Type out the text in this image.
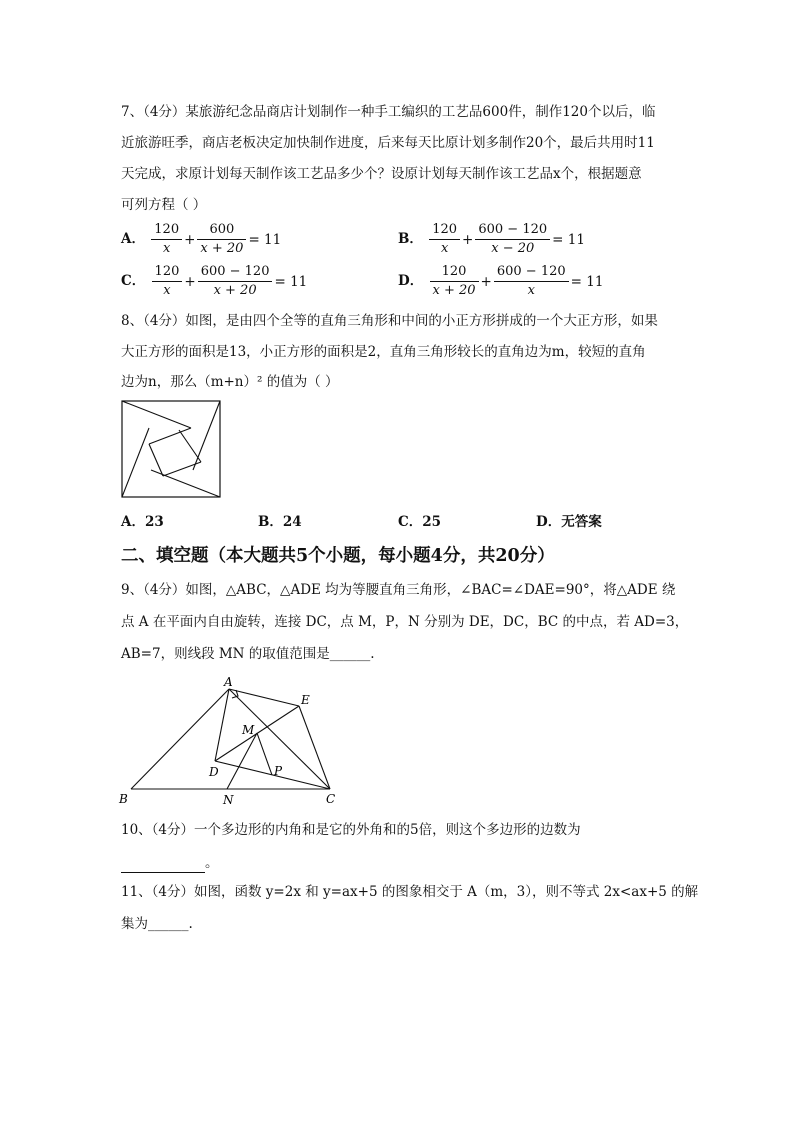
7、（4分）某旅游纪念品商店计划制作一种手工编织的工艺品600件，制作120个以后，临
近旅游旺季，商店老板决定加快制作进度，后来每天比原计划多制作20个，最后共用时11
天完成，求原计划每天制作该工艺品多少个？设原计划每天制作该工艺品x个，根据题意
可列方程（ ）
A． $\frac{120}{x} + \frac{600}{x + 20} = 11$	B． $\frac{120}{x} + \frac{600 - 120}{x - 20} = 11$
C． $\frac{120}{x} + \frac{600 - 120}{x + 20} = 11$	D． $\frac{120}{x + 20} + \frac{600 - 120}{x} = 11$
8、（4分）如图，是由四个全等的直角三角形和中间的小正方形拼成的一个大正方形，如果
大正方形的面积是13，小正方形的面积是2，直角三角形较长的直角边为m，较短的直角
边为n，那么（m+n）² 的值为（ ）
A．23	B．24	C．25	D．无答案
二、填空题（本大题共5个小题，每小题4分，共20分）
9、（4分）如图，△ABC，△ADE 均为等腰直角三角形，∠BAC=∠DAE=90°，将△ADE 绕
点 A 在平面内自由旋转，连接 DC，点 M，P，N 分别为 DE，DC，BC 的中点，若 AD=3，
AB=7，则线段 MN 的取值范围是______.
A
B	C
D
E
M
N
P
10、（4分）一个多边形的内角和是它的外角和的5倍，则这个多边形的边数为
。
11、（4分）如图，函数 y=2x 和 y=ax+5 的图象相交于 A（m，3），则不等式 2x<ax+5 的解
集为______.
